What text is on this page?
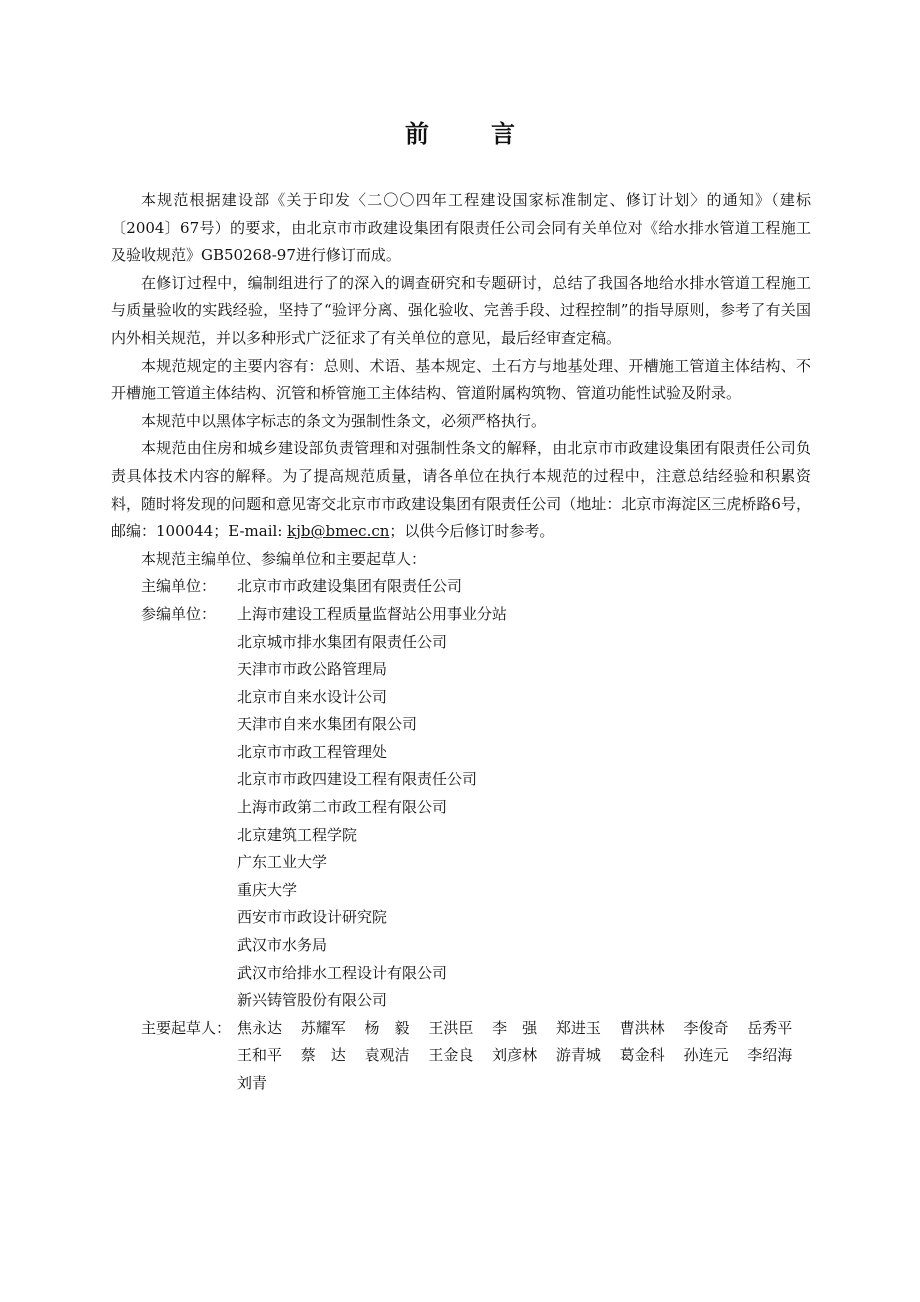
前言

本规范根据建设部《关于印发〈二〇〇四年工程建设国家标准制定、修订计划〉的通知》（建标〔2004〕67号）的要求，由北京市市政建设集团有限责任公司会同有关单位对《给水排水管道工程施工及验收规范》GB50268-97进行修订而成。

在修订过程中，编制组进行了的深入的调查研究和专题研讨，总结了我国各地给水排水管道工程施工与质量验收的实践经验，坚持了“验评分离、强化验收、完善手段、过程控制”的指导原则，参考了有关国内外相关规范，并以多种形式广泛征求了有关单位的意见，最后经审查定稿。

本规范规定的主要内容有：总则、术语、基本规定、土石方与地基处理、开槽施工管道主体结构、不开槽施工管道主体结构、沉管和桥管施工主体结构、管道附属构筑物、管道功能性试验及附录。

本规范中以黑体字标志的条文为强制性条文，必须严格执行。

本规范由住房和城乡建设部负责管理和对强制性条文的解释，由北京市市政建设集团有限责任公司负责具体技术内容的解释。为了提高规范质量，请各单位在执行本规范的过程中，注意总结经验和积累资料，随时将发现的问题和意见寄交北京市市政建设集团有限责任公司（地址：北京市海淀区三虎桥路6号，邮编：100044；E-mail: kjb@bmec.cn；以供今后修订时参考。

本规范主编单位、参编单位和主要起草人：

主编单位：	北京市市政建设集团有限责任公司
参编单位：	上海市建设工程质量监督站公用事业分站
北京城市排水集团有限责任公司
天津市市政公路管理局
北京市自来水设计公司
天津市自来水集团有限公司
北京市市政工程管理处
北京市市政四建设工程有限责任公司
上海市政第二市政工程有限公司
北京建筑工程学院
广东工业大学
重庆大学
西安市市政设计研究院
武汉市水务局
武汉市给排水工程设计有限公司
新兴铸管股份有限公司
主要起草人： 焦永达	苏耀军	杨　毅	王洪臣	李　强	郑进玉	曹洪林	李俊奇	岳秀平
王和平	蔡　达	袁观洁	王金良	刘彦林	游青城	葛金科	孙连元	李绍海
刘青
